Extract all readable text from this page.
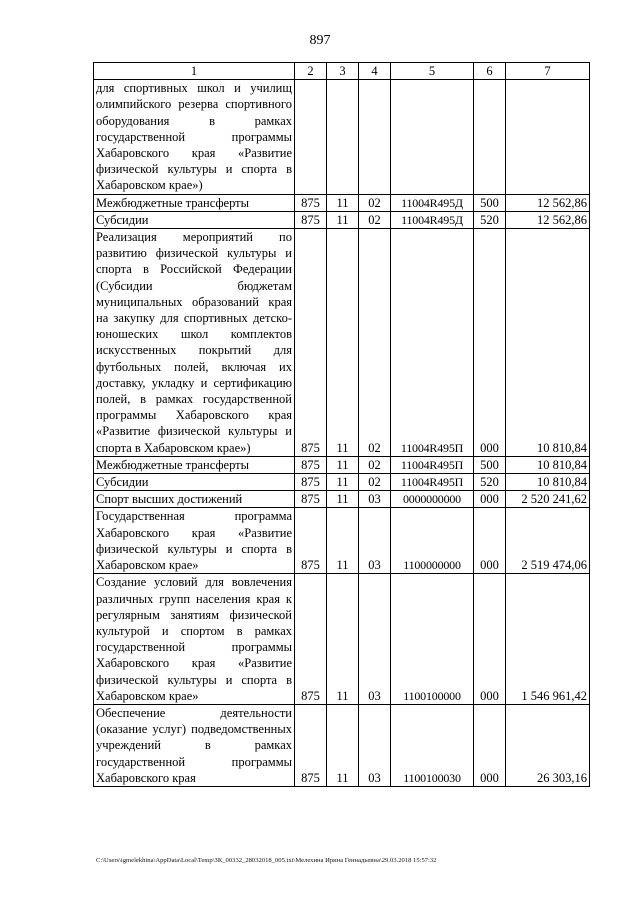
897
1	2	3	4	5	6	7
для спортивных школ и училищ олимпийского резерва спортивного оборудования в рамках государственной программы Хабаровского края «Развитие физической культуры и спорта в Хабаровском крае»)						
Межбюджетные трансферты	875	11	02	11004R495Д	500	12 562,86
Субсидии	875	11	02	11004R495Д	520	12 562,86
Реализация мероприятий по развитию физической культуры и спорта в Российской Федерации (Субсидии бюджетам муниципальных образований края на закупку для спортивных детско-юношеских школ комплектов искусственных покрытий для футбольных полей, включая их доставку, укладку и сертификацию полей, в рамках государственной программы Хабаровского края «Развитие физической культуры и спорта в Хабаровском крае»)	875	11	02	11004R495П	000	10 810,84
Межбюджетные трансферты	875	11	02	11004R495П	500	10 810,84
Субсидии	875	11	02	11004R495П	520	10 810,84
Спорт высших достижений	875	11	03	0000000000	000	2 520 241,62
Государственная программа Хабаровского края «Развитие физической культуры и спорта в Хабаровском крае»	875	11	03	1100000000	000	2 519 474,06
Создание условий для вовлечения различных групп населения края к регулярным занятиям физической культурой и спортом в рамках государственной программы Хабаровского края «Развитие физической культуры и спорта в Хабаровском крае»	875	11	03	1100100000	000	1 546 961,42
Обеспечение деятельности (оказание услуг) подведомственных учреждений в рамках государственной программы Хабаровского края	875	11	03	1100100030	000	26 303,16
C:\Users\igmelekhina\AppData\Local\Temp\ЗК_00332_28032018_005.txt\Мелехина Ирина Геннадьевна\29.03.2018 15:57:32
